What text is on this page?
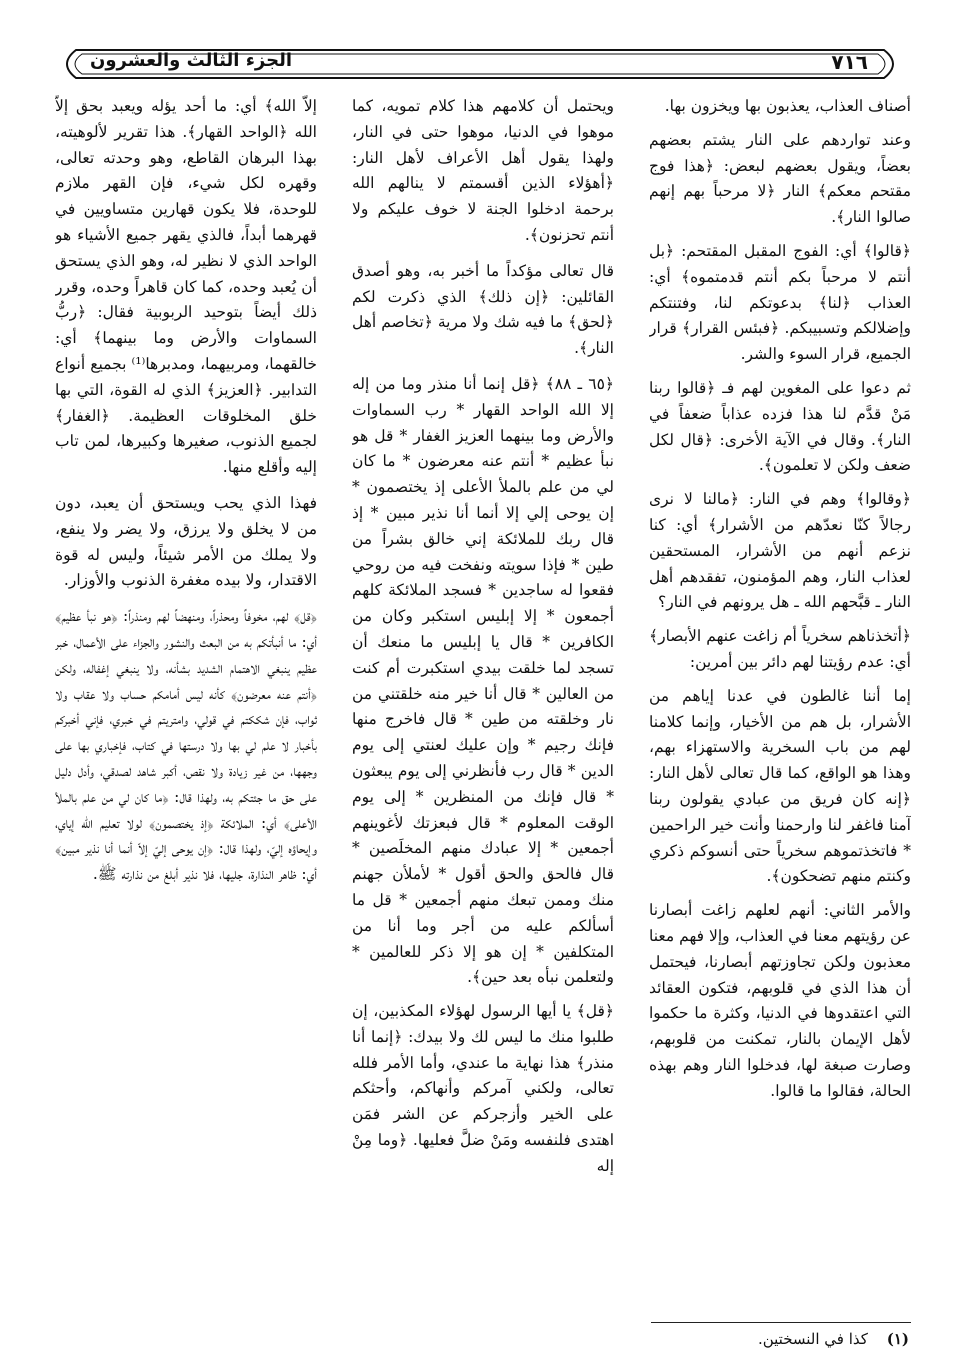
٧١٦
الجزء الثالث والعشرون

أصناف العذاب، يعذبون بها ويخزون بها.

وعند تواردهم على النار يشتم بعضهم بعضاً، ويقول بعضهم لبعض: ﴿هذا فوج مقتحم معكم﴾ النار ﴿لا مرحباً بهم إنهم صالوا النار﴾.

﴿قالوا﴾ أي: الفوج المقبل المقتحم: ﴿بل أنتم لا مرحباً بكم أنتم قدمتموه﴾ أي: العذاب ﴿لنا﴾ بدعوتكم لنا، وفتنتكم وإضلالكم وتسبيبكم. ﴿فبئس القرار﴾ قرار الجميع، قرار السوء والشر.

ثم دعوا على المغوين لهم فـ ﴿قالوا ربنا مَنْ قدَّم لنا هذا فزده عذاباً ضعفاً في النار﴾. وقال في الآية الأخرى: ﴿قال لكل ضعف ولكن لا تعلمون﴾.

﴿وقالوا﴾ وهم في النار: ﴿مالنا لا نرى رجالاً كنّا نعدّهم من الأشرار﴾ أي: كنا نزعم أنهم من الأشرار، المستحقين لعذاب النار، وهم المؤمنون، تفقدهم أهل النار ـ قبَّحهم الله ـ هل يرونهم في النار؟

﴿أتخذناهم سخرياً أم زاغت عنهم الأبصار﴾ أي: عدم رؤيتنا لهم دائر بين أمرين:

إما أننا غالطون في عدنا إياهم من الأشرار، بل هم من الأخيار، وإنما كلامنا لهم من باب السخرية والاستهزاء بهم، وهذا هو الواقع، كما قال تعالى لأهل النار: ﴿إنه كان فريق من عبادي يقولون ربنا آمنا فاغفر لنا وارحمنا وأنت خير الراحمين * فاتخذتموهم سخرياً حتى أنسوكم ذكري وكنتم منهم تضحكون﴾.

والأمر الثاني: أنهم لعلهم زاغت أبصارنا عن رؤيتهم معنا في العذاب، وإلا فهم معنا معذبون ولكن تجاوزتهم أبصارنا، فيحتمل أن هذا الذي في قلوبهم، فتكون العقائد التي اعتقدوها في الدنيا، وكثرة ما حكموا لأهل الإيمان بالنار، تمكنت من قلوبهم، وصارت صبغة لها، فدخلوا النار وهم بهذه الحالة، فقالوا ما قالوا.

ويحتمل أن كلامهم هذا كلام تمويه، كما موهوا في الدنيا، موهوا حتى في النار، ولهذا يقول أهل الأعراف لأهل النار: ﴿أهؤلاء الذين أقسمتم لا ينالهم الله برحمة ادخلوا الجنة لا خوف عليكم ولا أنتم تحزنون﴾.

قال تعالى مؤكداً ما أخبر به، وهو أصدق القائلين: ﴿إن ذلك﴾ الذي ذكرت لكم ﴿لحق﴾ ما فيه شك ولا مرية ﴿تخاصم أهل النار﴾.

﴿٦٥ ـ ٨٨﴾ ﴿قل إنما أنا منذر وما من إله إلا الله الواحد القهار * رب السماوات والأرض وما بينهما العزيز الغفار * قل هو نبأ عظيم * أنتم عنه معرضون * ما كان لي من علم بالملأ الأعلى إذ يختصمون * إن يوحى إلي إلا أنما أنا نذير مبين * إذ قال ربك للملائكة إني خالق بشراً من طين * فإذا سويته ونفخت فيه من روحي فقعوا له ساجدين * فسجد الملائكة كلهم أجمعون * إلا إبليس استكبر وكان من الكافرين * قال يا إبليس ما منعك أن تسجد لما خلقت بيدي استكبرت أم كنت من العالين * قال أنا خير منه خلقتني من نار وخلقته من طين * قال فاخرج منها فإنك رجيم * وإن عليك لعنتي إلى يوم الدين * قال رب فأنظرني إلى يوم يبعثون * قال فإنك من المنظرين * إلى يوم الوقت المعلوم * قال فبعزتك لأغوينهم أجمعين * إلا عبادك منهم المخلَصين * قال فالحق والحق أقول * لأملأن جهنم منك وممن تبعك منهم أجمعين * قل ما أسألكم عليه من أجر وما أنا من المتكلفين * إن هو إلا ذكر للعالمين * ولتعلمن نبأه بعد حين﴾.

﴿قل﴾ يا أيها الرسول لهؤلاء المكذبين، إن طلبوا منك ما ليس لك ولا بيدك: ﴿إنما أنا منذر﴾ هذا نهاية ما عندي، وأما الأمر فلله تعالى، ولكني آمركم وأنهاكم، وأحثكم على الخير وأزجركم عن الشر فمَن اهتدى فلنفسه ومَنْ ضلَّ فعليها. ﴿وما مِنْ إله

إلاّ الله﴾ أي: ما أحد يؤله ويعبد بحق إلاّ الله ﴿الواحد القهار﴾. هذا تقرير لألوهيته، بهذا البرهان القاطع، وهو وحدته تعالى، وقهره لكل شيء، فإن القهر ملازم للوحدة، فلا يكون قهارين متساويين في قهرهما أبداً، فالذي يقهر جميع الأشياء هو الواحد الذي لا نظير له، وهو الذي يستحق أن يُعبد وحده، كما كان قاهراً وحده، وقرر ذلك أيضاً بتوحيد الربوبية فقال: ﴿ربُّ السماوات والأرض وما بينهما﴾ أي: خالقهما، ومربيهما، ومدبرها⁽¹⁾ بجميع أنواع التدابير. ﴿العزيز﴾ الذي له القوة، التي بها خلق المخلوقات العظيمة. ﴿الغفار﴾ لجميع الذنوب، صغيرها وكبيرها، لمن تاب إليه وأقلع منها.

فهذا الذي يحب ويستحق أن يعبد، دون من لا يخلق ولا يرزق، ولا يضر ولا ينفع، ولا يملك من الأمر شيئاً، وليس له قوة الاقتدار، ولا بيده مغفرة الذنوب والأوزار.

﴿قل﴾ لهم، مخوفاً ومحذراً، ومنهضاً لهم ومنذراً: ﴿هو نبأ عظيم﴾ أي: ما أنبأتكم به من البعث والنشور والجزاء على الأعمال، خبر عظيم ينبغي الاهتمام الشديد بشأنه، ولا ينبغي إغفاله، ولكن ﴿أنتم عنه معرضون﴾ كأنه ليس أمامكم حساب ولا عقاب ولا ثواب، فإن شككتم في قولي، وامتريتم في خبري، فإني أخبركم بأخبار لا علم لي بها ولا درستها في كتاب، فإخباري بها على وجهها، من غير زيادة ولا نقص، أكبر شاهد لصدقي، وأدل دليل على حق ما جئتكم به، ولهذا قال: ﴿ما كان لي من علم بالملأ الأعلى﴾ أي: الملائكة ﴿إذ يختصمون﴾ لولا تعليم الله إياي، وإيحاؤه إليّ، ولهذا قال: ﴿إن يوحى إليّ إلاّ أنما أنا نذير مبين﴾ أي: ظاهر النذارة، جليها، فلا نذير أبلغ من نذارته ﷺ.

(١) كذا في النسختين.
